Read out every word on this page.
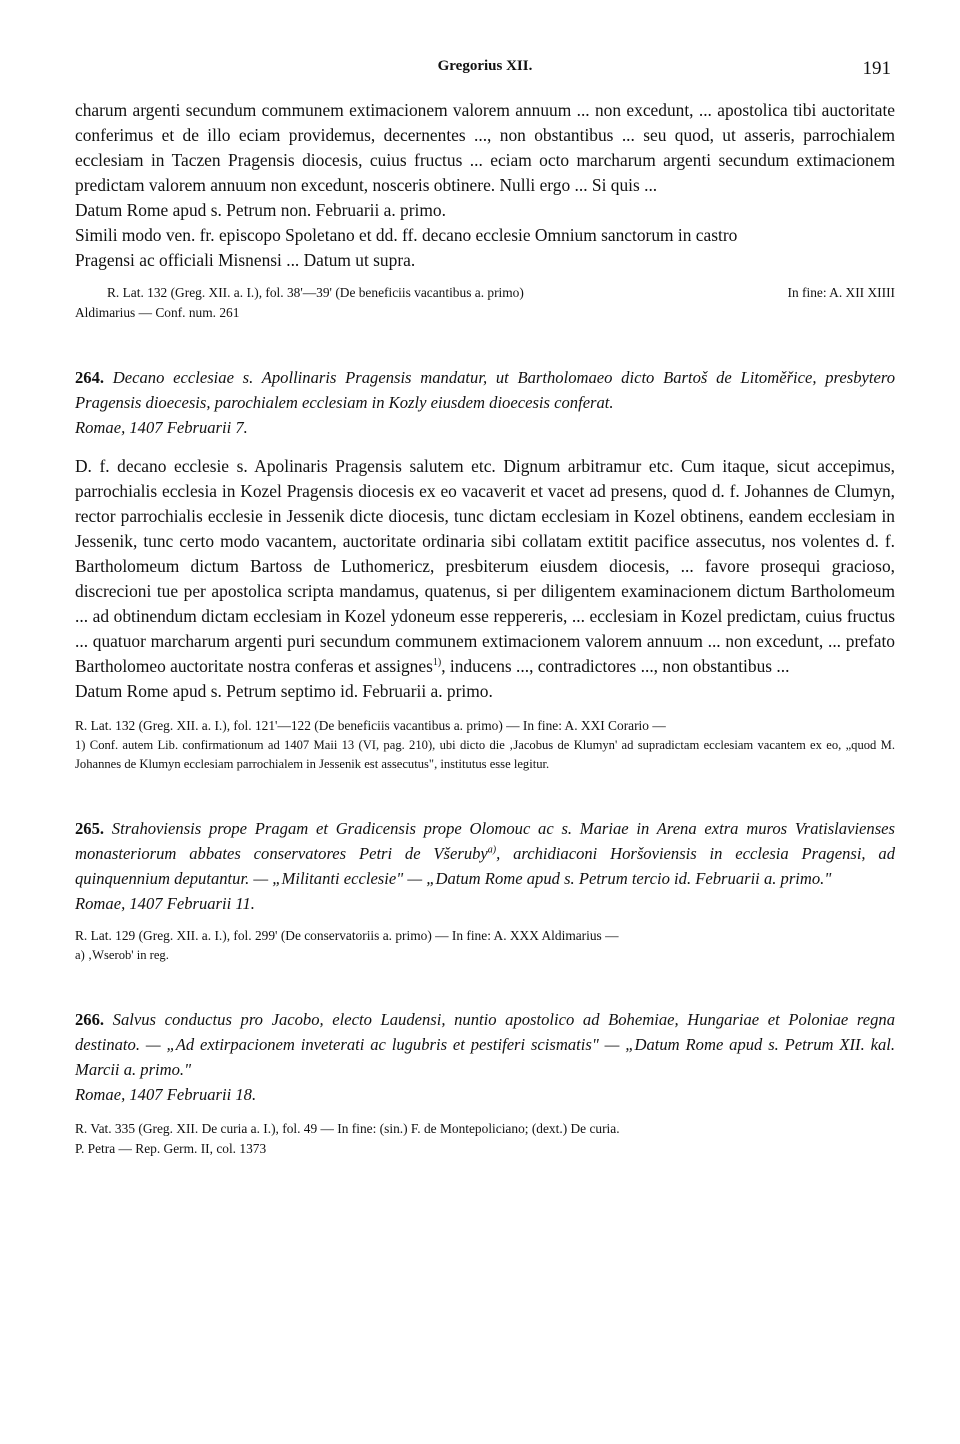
Gregorius XII.	191

charum argenti secundum communem extimacionem valorem annuum ... non excedunt, ... apostolica tibi auctoritate conferimus et de illo eciam providemus, decernentes ..., non obstantibus ... seu quod, ut asseris, parrochialem ecclesiam in Taczen Pragensis diocesis, cuius fructus ... eciam octo marcharum argenti secundum extimacionem predictam valorem annuum non excedunt, nosceris obtinere. Nulli ergo ... Si quis ...

Datum Rome apud s. Petrum non. Februarii a. primo.

Simili modo ven. fr. episcopo Spoletano et dd. ff. decano ecclesie Omnium sanctorum in castro

Pragensi ac officiali Misnensi ... Datum ut supra.

R. Lat. 132 (Greg. XII. a. I.), fol. 38'—39' (De beneficiis vacantibus a. primo)	In fine: A. XII XIIII

Aldimarius — Conf. num. 261

264. Decano ecclesiae s. Apollinaris Pragensis mandatur, ut Bartholomaeo dicto Bartoš de Litoměřice, presbytero Pragensis dioecesis, parochialem ecclesiam in Kozly eiusdem dioecesis conferat.

Romae, 1407 Februarii 7.

D. f. decano ecclesie s. Apolinaris Pragensis salutem etc. Dignum arbitramur etc. Cum itaque, sicut accepimus, parrochialis ecclesia in Kozel Pragensis diocesis ex eo vacaverit et vacet ad presens, quod d. f. Johannes de Clumyn, rector parrochialis ecclesie in Jessenik dicte diocesis, tunc dictam ecclesiam in Kozel obtinens, eandem ecclesiam in Jessenik, tunc certo modo vacantem, auctoritate ordinaria sibi collatam extitit pacifice assecutus, nos volentes d. f. Bartholomeum dictum Bartoss de Luthomericz, presbiterum eiusdem diocesis, ... favore prosequi gracioso, discrecioni tue per apostolica scripta mandamus, quatenus, si per diligentem examinacionem dictum Bartholomeum ... ad obtinendum dictam ecclesiam in Kozel ydoneum esse reppereris, ... ecclesiam in Kozel predictam, cuius fructus ... quatuor marcharum argenti puri secundum communem extimacionem valorem annuum ... non excedunt, ... prefato Bartholomeo auctoritate nostra conferas et assignes$^{1)}$, inducens ..., contradictores ..., non obstantibus ...

Datum Rome apud s. Petrum septimo id. Februarii a. primo.

R. Lat. 132 (Greg. XII. a. I.), fol. 121'—122 (De beneficiis vacantibus a. primo) — In fine: A. XXI Corario —

1) Conf. autem Lib. confirmationum ad 1407 Maii 13 (VI, pag. 210), ubi dicto die ‚Jacobus de Klumyn' ad supradictam ecclesiam vacantem ex eo, „quod M. Johannes de Klumyn ecclesiam parrochialem in Jessenik est assecutus", institutus esse legitur.

265. Strahoviensis prope Pragam et Gradicensis prope Olomouc ac s. Mariae in Arena extra muros Vratislavienses monasteriorum abbates conservatores Petri de Všeruby$^{a)}$, archidiaconi Horšoviensis in ecclesia Pragensi, ad quinquennium deputantur. — „Militanti ecclesie" — „Datum Rome apud s. Petrum tercio id. Februarii a. primo."

Romae, 1407 Februarii 11.

R. Lat. 129 (Greg. XII. a. I.), fol. 299' (De conservatoriis a. primo) — In fine: A. XXX Aldimarius —

a) ‚Wserob' in reg.

266. Salvus conductus pro Jacobo, electo Laudensi, nuntio apostolico ad Bohemiae, Hungariae et Poloniae regna destinato. — „Ad extirpacionem inveterati ac lugubris et pestiferi scismatis" — „Datum Rome apud s. Petrum XII. kal. Marcii a. primo."

Romae, 1407 Februarii 18.

R. Vat. 335 (Greg. XII. De curia a. I.), fol. 49 — In fine: (sin.) F. de Montepoliciano; (dext.) De curia.

P. Petra — Rep. Germ. II, col. 1373
